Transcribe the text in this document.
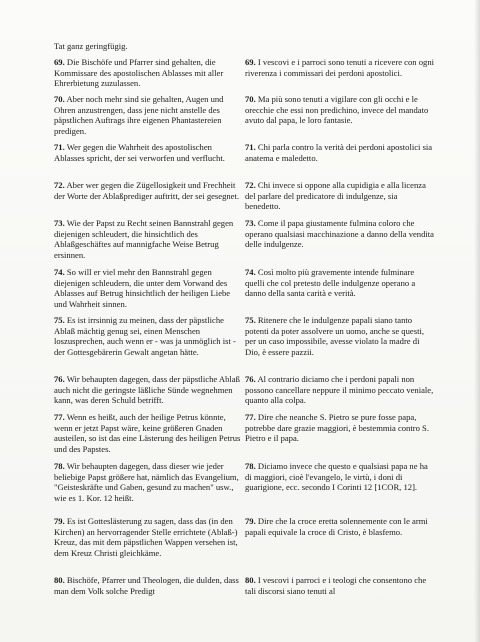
Tat ganz geringfügig.
69. Die Bischöfe und Pfarrer sind gehalten, die Kommissare des apostolischen Ablasses mit aller Ehrerbietung zuzulassen.
69. I vescovi e i parroci sono tenuti a ricevere con ogni riverenza i commissari dei perdoni apostolici.
70. Aber noch mehr sind sie gehalten, Augen und Ohren anzustrengen, dass jene nicht anstelle des päpstlichen Auftrags ihre eigenen Phantastereien predigen.
70. Ma più sono tenuti a vigilare con gli occhi e le orecchie che essi non predichino, invece del mandato avuto dal papa, le loro fantasie.
71. Wer gegen die Wahrheit des apostolischen Ablasses spricht, der sei verworfen und verflucht.
71. Chi parla contro la verità dei perdoni apostolici sia anatema e maledetto.
72. Aber wer gegen die Zügellosigkeit und Frechheit der Worte der Ablaßprediger auftritt, der sei gesegnet.
72. Chi invece si oppone alla cupidigia e alla licenza del parlare del predicatore di indulgenze, sia benedetto.
73. Wie der Papst zu Recht seinen Bannstrahl gegen diejenigen schleudert, die hinsichtlich des Ablaßgeschäftes auf mannigfache Weise Betrug ersinnen.
73. Come il papa giustamente fulmina coloro che operano qualsiasi macchinazione a danno della vendita delle indulgenze.
74. So will er viel mehr den Bannstrahl gegen diejenigen schleudern, die unter dem Vorwand des Ablasses auf Betrug hinsichtlich der heiligen Liebe und Wahrheit sinnen.
74. Così molto più gravemente intende fulminare quelli che col pretesto delle indulgenze operano a danno della santa carità e verità.
75. Es ist irrsinnig zu meinen, dass der päpstliche Ablaß mächtig genug sei, einen Menschen loszusprechen, auch wenn er - was ja unmöglich ist - der Gottesgebärerin Gewalt angetan hätte.
75. Ritenere che le indulgenze papali siano tanto potenti da poter assolvere un uomo, anche se questi, per un caso impossibile, avesse violato la madre di Dio, è essere pazzii.
76. Wir behaupten dagegen, dass der päpstliche Ablaß auch nicht die geringste läßliche Sünde wegnehmen kann, was deren Schuld betrifft.
76. Al contrario diciamo che i perdoni papali non possono cancellare neppure il minimo peccato veniale, quanto alla colpa.
77. Wenn es heißt, auch der heilige Petrus könnte, wenn er jetzt Papst wäre, keine größeren Gnaden austeilen, so ist das eine Lästerung des heiligen Petrus und des Papstes.
77. Dire che neanche S. Pietro se pure fosse papa, potrebbe dare grazie maggiori, è bestemmia contro S. Pietro e il papa.
78. Wir behaupten dagegen, dass dieser wie jeder beliebige Papst größere hat, nämlich das Evangelium, "Geisteskräfte und Gaben, gesund zu machen" usw., wie es 1. Kor. 12 heißt.
78. Diciamo invece che questo e qualsiasi papa ne ha di maggiori, cioè l'evangelo, le virtù, i doni di guarigione, ecc. secondo I Corinti 12 [1COR, 12].
79. Es ist Gotteslästerung zu sagen, dass das (in den Kirchen) an hervorragender Stelle errichtete (Ablaß-) Kreuz, das mit dem päpstlichen Wappen versehen ist, dem Kreuz Christi gleichkäme.
79. Dire che la croce eretta solennemente con le armi papali equivale la croce di Cristo, è blasfemo.
80. Bischöfe, Pfarrer und Theologen, die dulden, dass man dem Volk solche Predigt
80. I vescovi i parroci e i teologi che consentono che tali discorsi siano tenuti al
